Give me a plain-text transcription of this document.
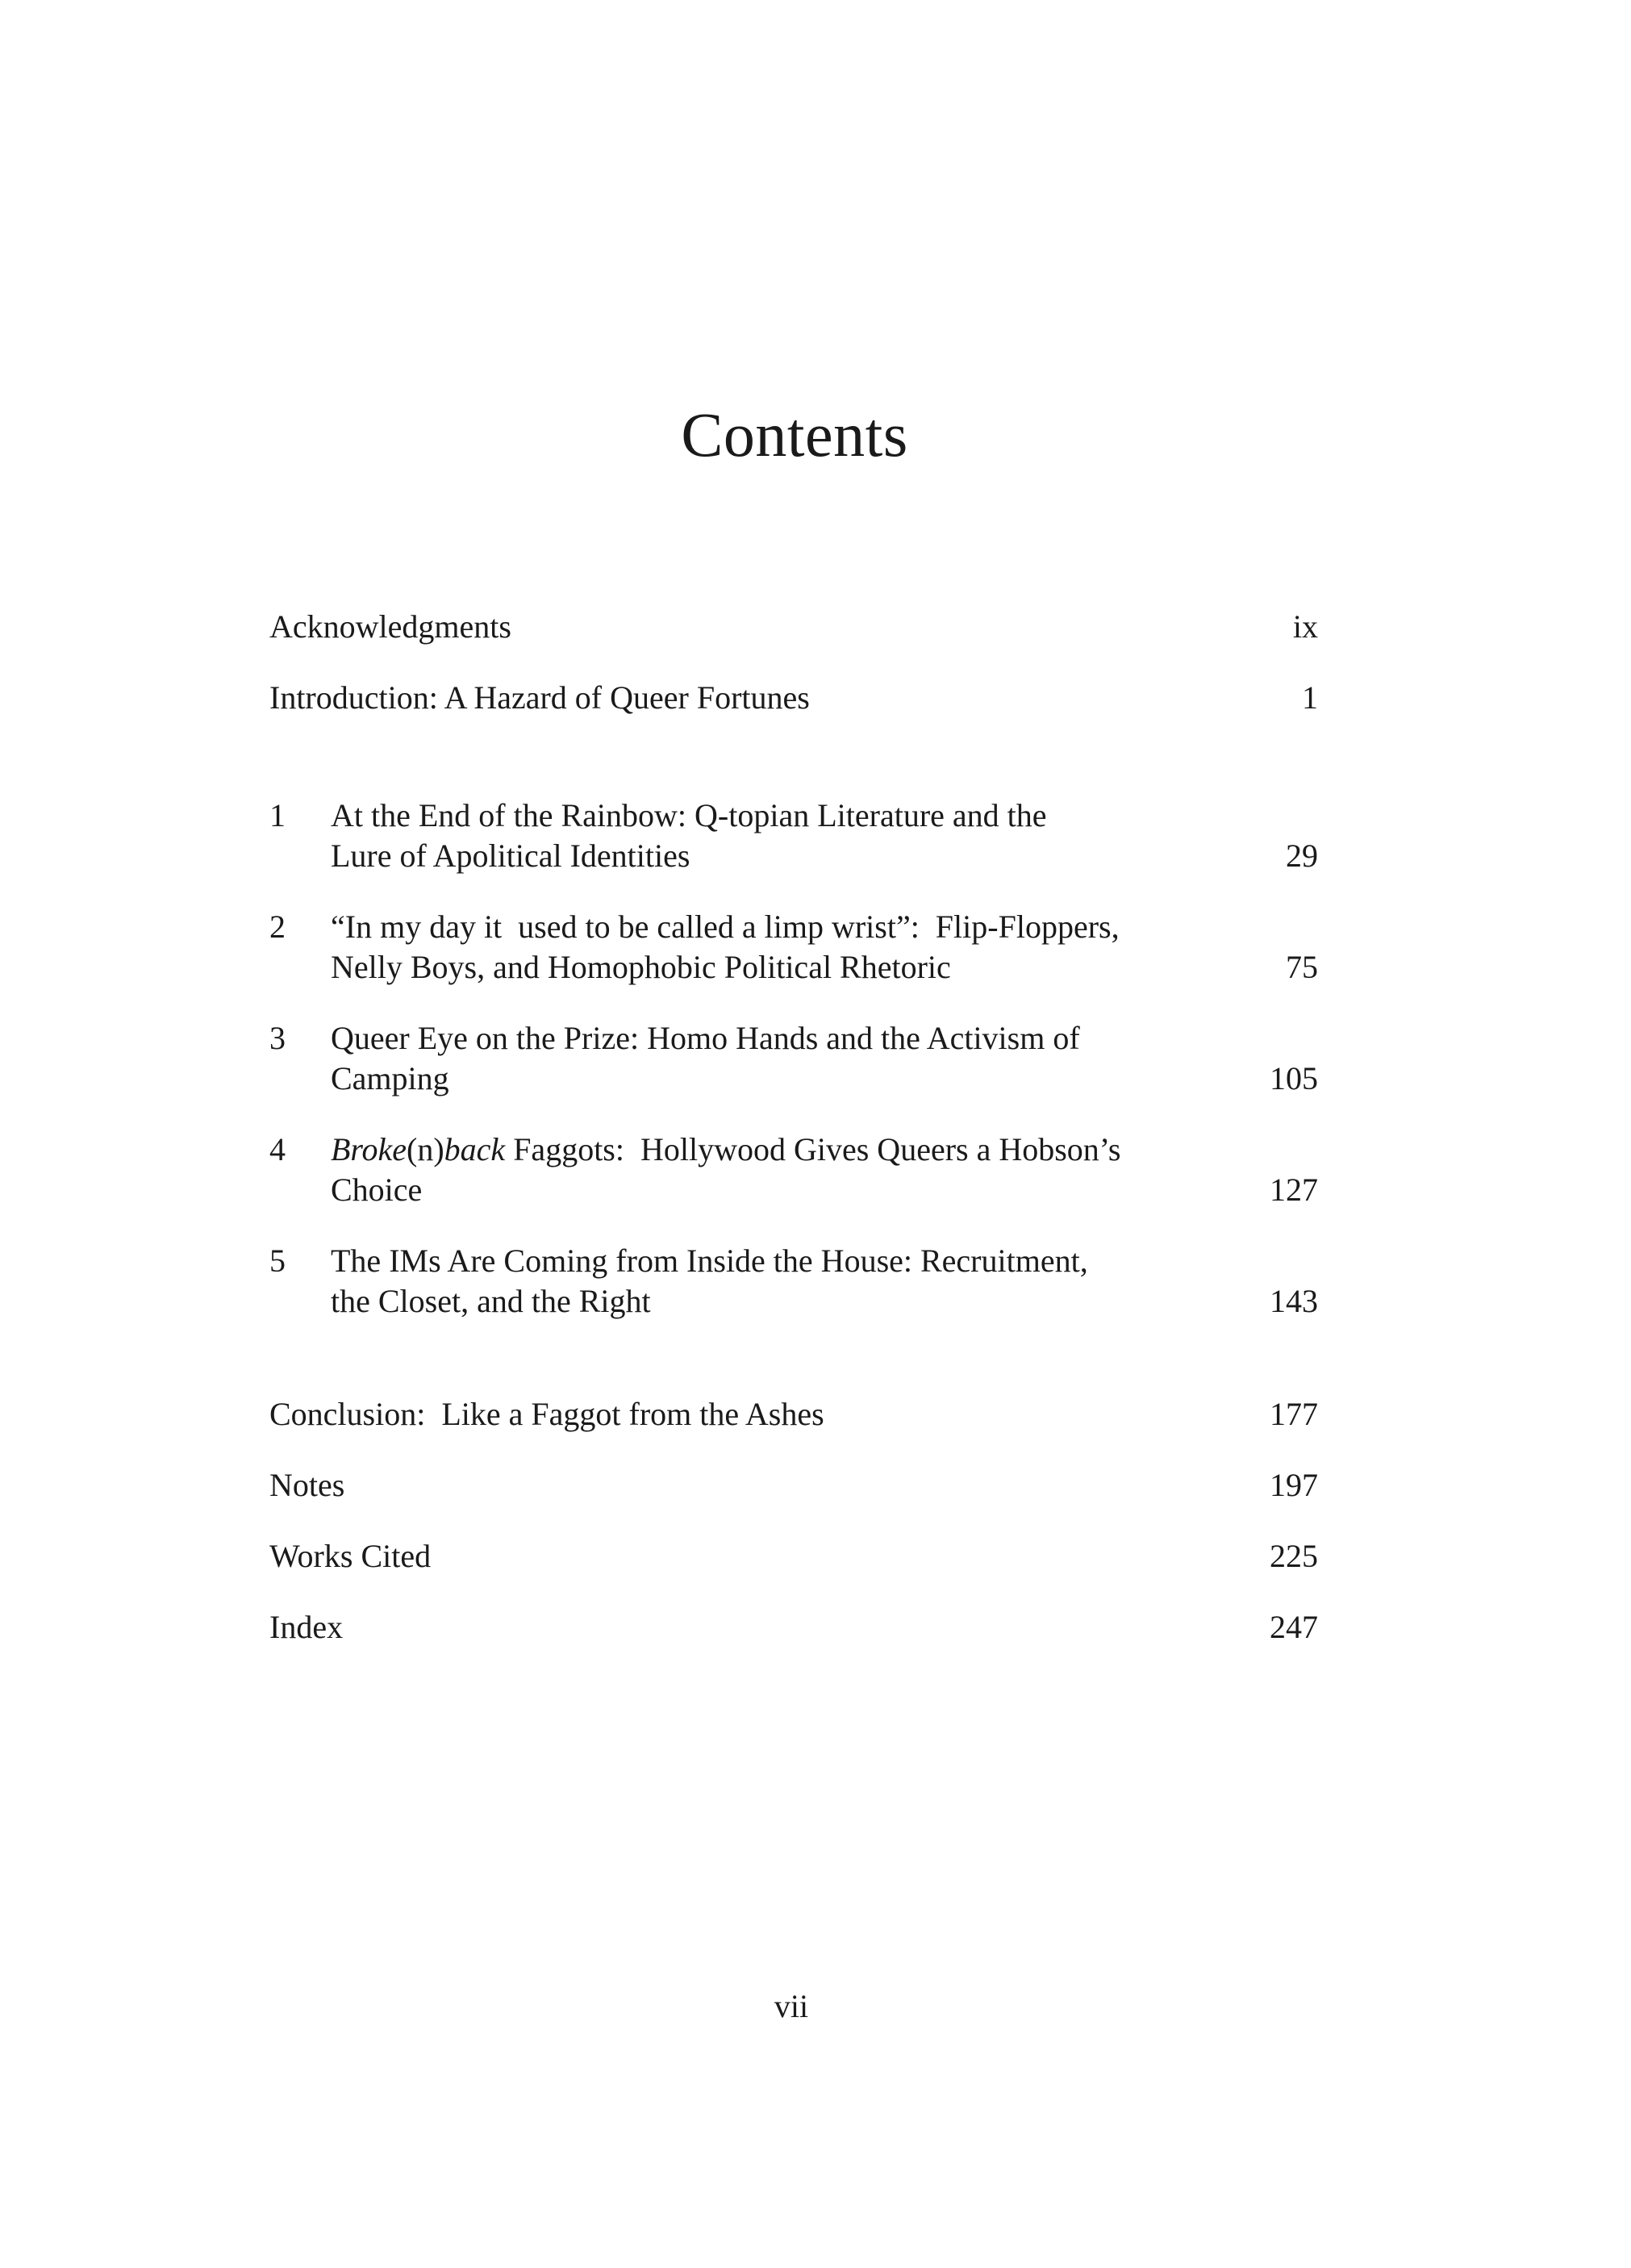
Contents
Acknowledgments	ix
Introduction: A Hazard of Queer Fortunes	1
1	At the End of the Rainbow: Q-topian Literature and the
Lure of Apolitical Identities	29
2	“In my day it  used to be called a limp wrist”:  Flip-Floppers,
Nelly Boys, and Homophobic Political Rhetoric	75
3	Queer Eye on the Prize: Homo Hands and the Activism of
Camping	105
4	Broke(n)back Faggots:  Hollywood Gives Queers a Hobson’s
Choice	127
5	The IMs Are Coming from Inside the House: Recruitment,
the Closet, and the Right	143
Conclusion:  Like a Faggot from the Ashes	177
Notes	197
Works Cited	225
Index	247
vii
